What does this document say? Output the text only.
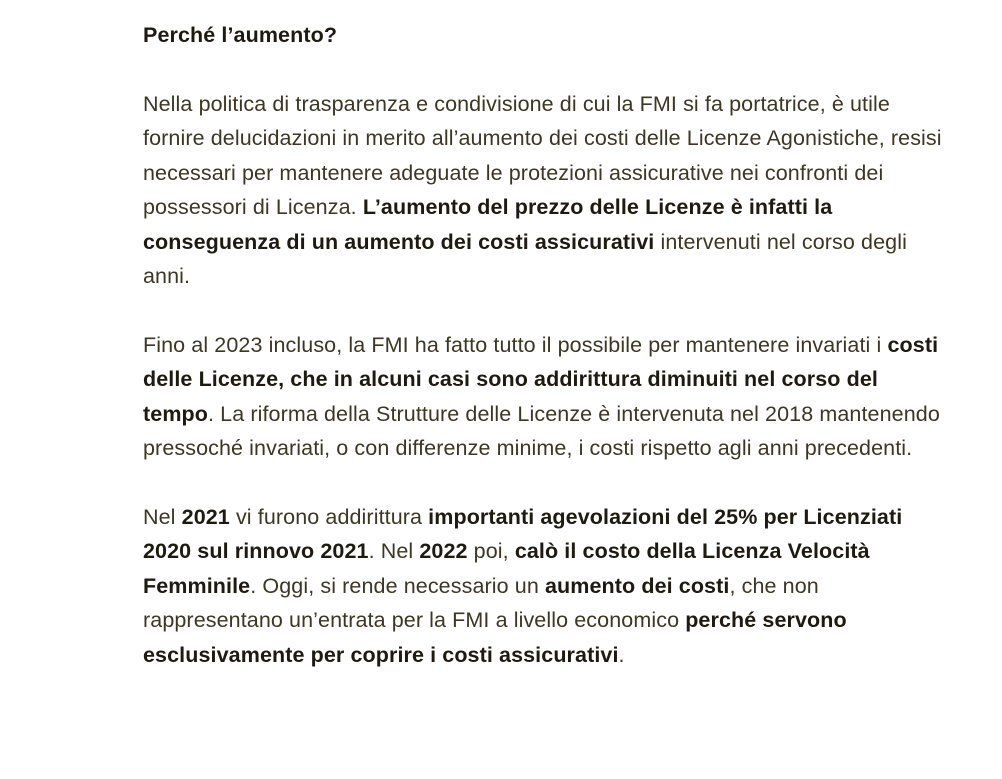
Perché l’aumento?

Nella politica di trasparenza e condivisione di cui la FMI si fa portatrice, è utile fornire delucidazioni in merito all’aumento dei costi delle Licenze Agonistiche, resisi necessari per mantenere adeguate le protezioni assicurative nei confronti dei possessori di Licenza. L’aumento del prezzo delle Licenze è infatti la conseguenza di un aumento dei costi assicurativi intervenuti nel corso degli anni.

Fino al 2023 incluso, la FMI ha fatto tutto il possibile per mantenere invariati i costi delle Licenze, che in alcuni casi sono addirittura diminuiti nel corso del tempo. La riforma della Strutture delle Licenze è intervenuta nel 2018 mantenendo pressoché invariati, o con differenze minime, i costi rispetto agli anni precedenti.

Nel 2021 vi furono addirittura importanti agevolazioni del 25% per Licenziati 2020 sul rinnovo 2021. Nel 2022 poi, calò il costo della Licenza Velocità Femminile. Oggi, si rende necessario un aumento dei costi, che non rappresentano un’entrata per la FMI a livello economico perché servono esclusivamente per coprire i costi assicurativi.
